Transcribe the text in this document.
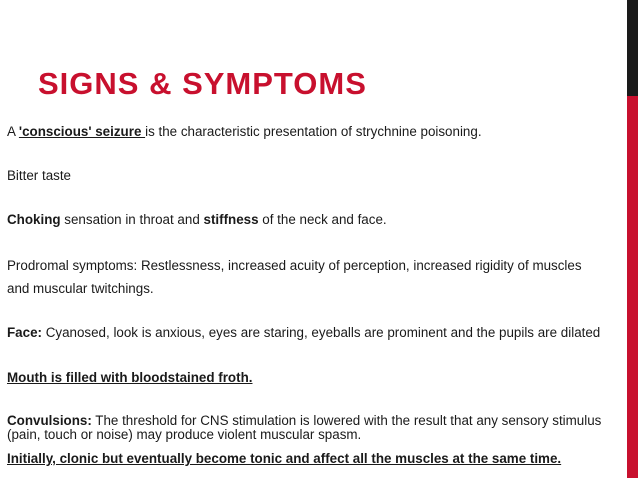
SIGNS & SYMPTOMS

A 'conscious' seizure is the characteristic presentation of strychnine poisoning.

Bitter taste

Choking sensation in throat and stiffness of the neck and face.

Prodromal symptoms: Restlessness, increased acuity of perception, increased rigidity of muscles

and muscular twitchings.

Face: Cyanosed, look is anxious, eyes are staring, eyeballs are prominent and the pupils are dilated

Mouth is filled with bloodstained froth.

Convulsions: The threshold for CNS stimulation is lowered with the result that any sensory stimulus

(pain, touch or noise) may produce violent muscular spasm.

Initially, clonic but eventually become tonic and affect all the muscles at the same time.
